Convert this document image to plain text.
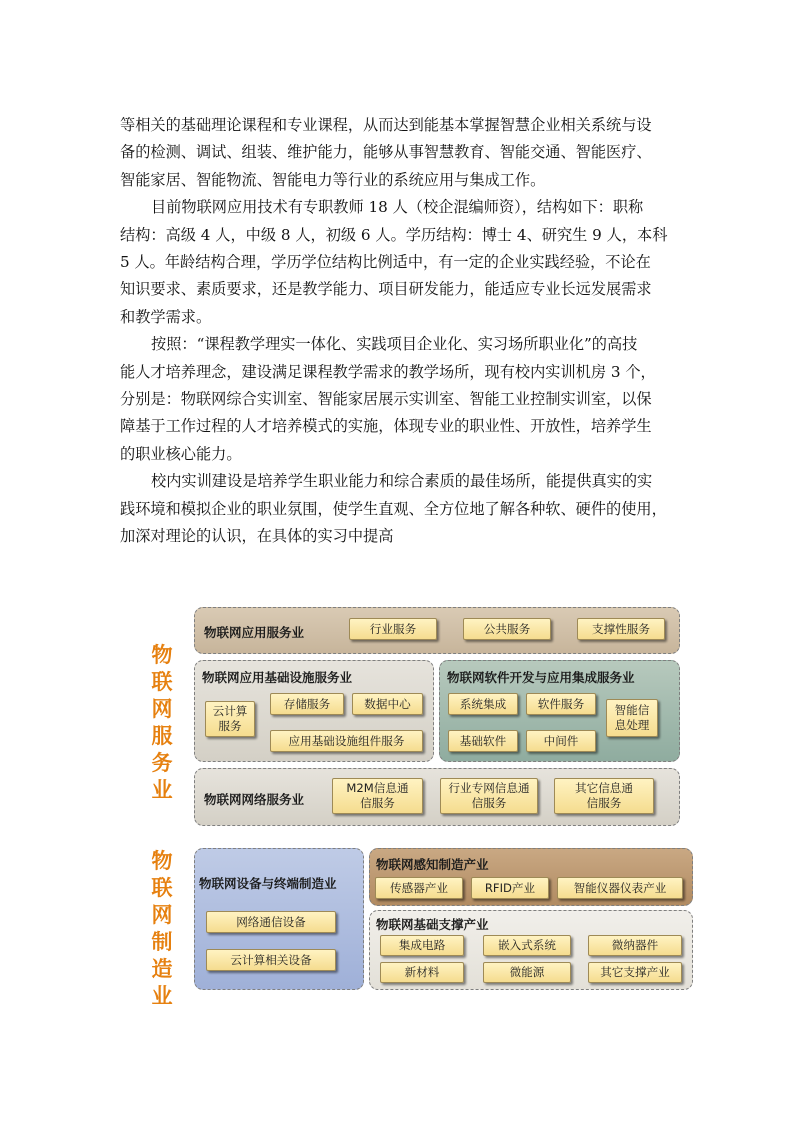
等相关的基础理论课程和专业课程，从而达到能基本掌握智慧企业相关系统与设
备的检测、调试、组装、维护能力，能够从事智慧教育、智能交通、智能医疗、
智能家居、智能物流、智能电力等行业的系统应用与集成工作。

目前物联网应用技术有专职教师 18 人（校企混编师资），结构如下：职称
结构：高级 4 人，中级 8 人，初级 6 人。学历结构：博士 4、研究生 9 人，本科
5 人。年龄结构合理，学历学位结构比例适中，有一定的企业实践经验，不论在
知识要求、素质要求，还是教学能力、项目研发能力，能适应专业长远发展需求
和教学需求。

按照：“课程教学理实一体化、实践项目企业化、实习场所职业化”的高技
能人才培养理念，建设满足课程教学需求的教学场所，现有校内实训机房 3 个，
分别是：物联网综合实训室、智能家居展示实训室、智能工业控制实训室，以保
障基于工作过程的人才培养模式的实施，体现专业的职业性、开放性，培养学生
的职业核心能力。

校内实训建设是培养学生职业能力和综合素质的最佳场所，能提供真实的实
践环境和模拟企业的职业氛围，使学生直观、全方位地了解各种软、硬件的使用，
加深对理论的认识，在具体的实习中提高

物
联
网
服
务
业
物
联
网
制
造
业
物联网应用服务业	行业服务	公共服务	支撑性服务
物联网应用基础设施服务业
云计算服务
存储服务	数据中心
应用基础设施组件服务
物联网软件开发与应用集成服务业
系统集成	软件服务	智能信息处理
基础软件	中间件
物联网网络服务业
M2M信息通信服务
行业专网信息通信服务
其它信息通信服务
物联网设备与终端制造业
网络通信设备
云计算相关设备
物联网感知制造产业
传感器产业	RFID产业	智能仪器仪表产业
物联网基础支撑产业
集成电路	嵌入式系统	微纳器件
新材料	微能源	其它支撑产业
